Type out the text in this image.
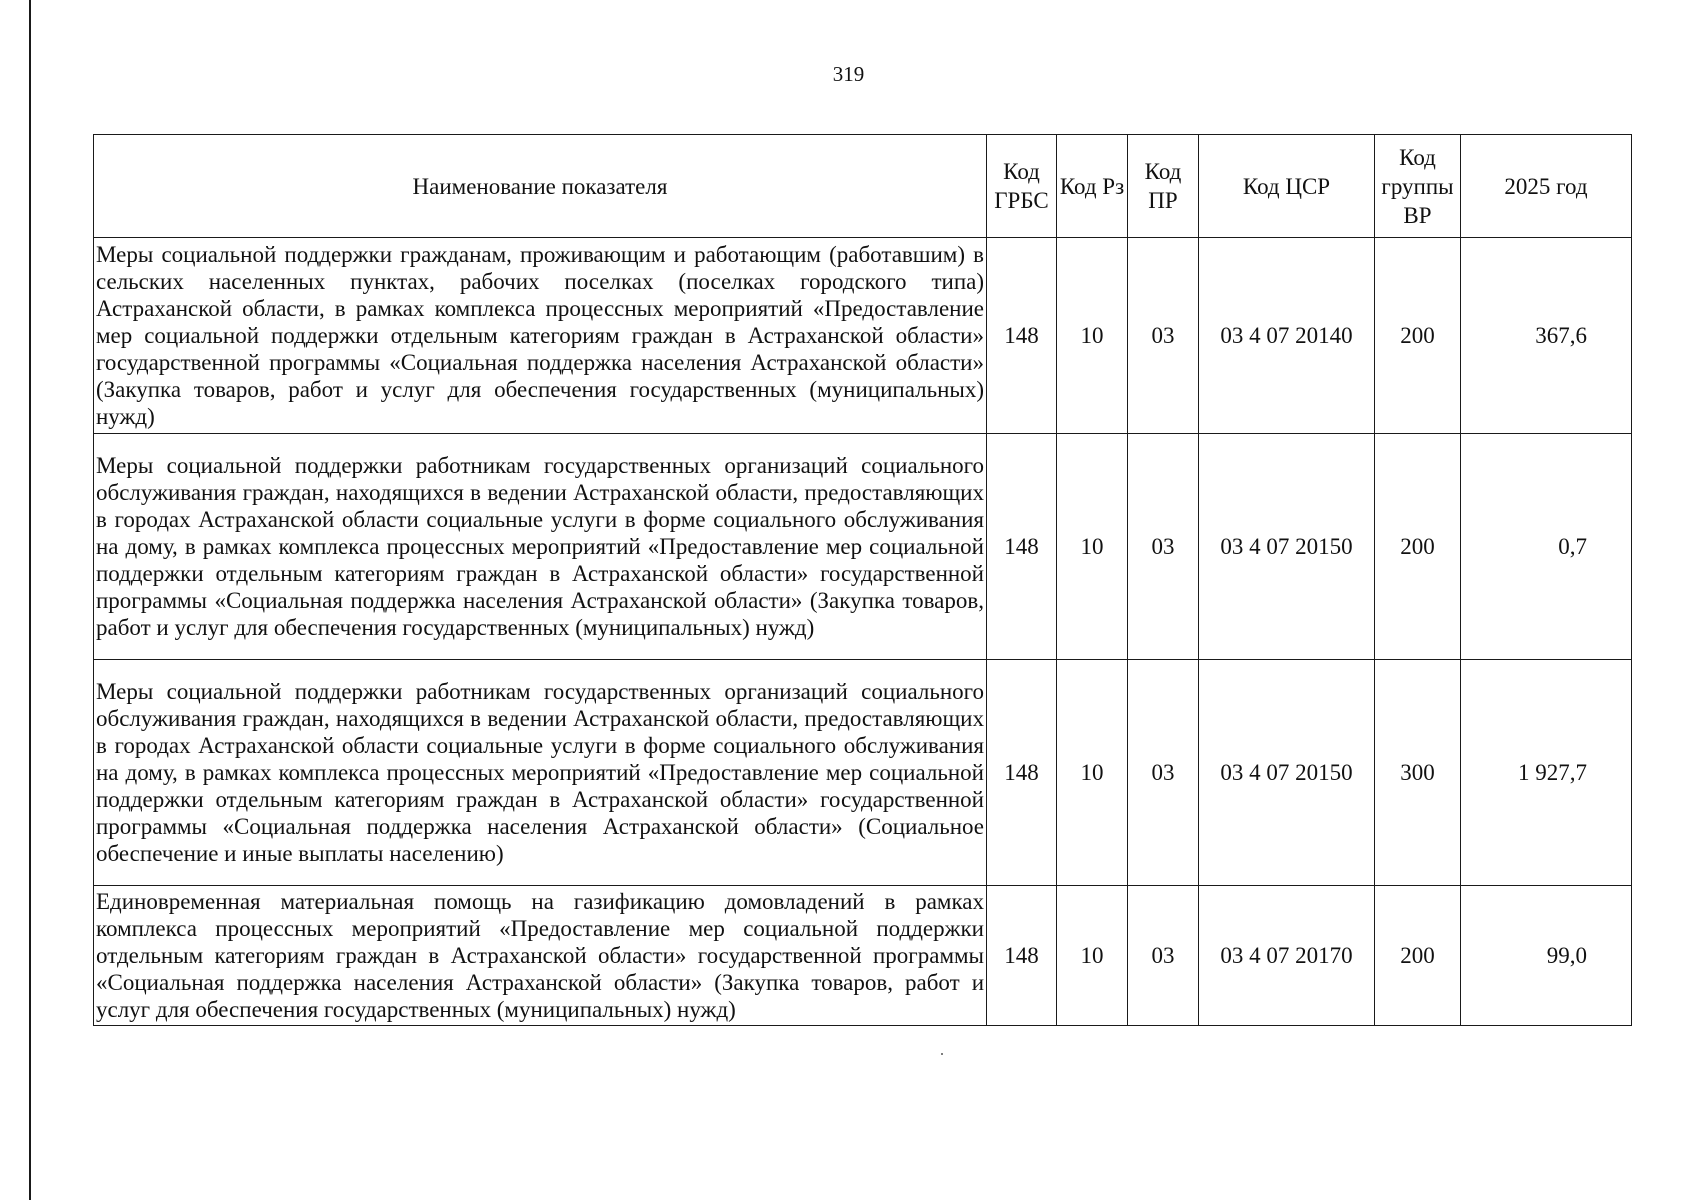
319
Наименование показателя	Код ГРБС	Код Рз	Код ПР	Код ЦСР	Код группы ВР	2025 год
Меры социальной поддержки гражданам, проживающим и работающим (работавшим) в сельских населенных пунктах, рабочих поселках (поселках городского типа) Астраханской области, в рамках комплекса процессных мероприятий «Предоставление мер социальной поддержки отдельным категориям граждан в Астраханской области» государственной программы «Социальная поддержка населения Астраханской области» (Закупка товаров, работ и услуг для обеспечения государственных (муниципальных) нужд)	148	10	03	03 4 07 20140	200	367,6
Меры социальной поддержки работникам государственных организаций социального обслуживания граждан, находящихся в ведении Астраханской области, предоставляющих в городах Астраханской области социальные услуги в форме социального обслуживания на дому, в рамках комплекса процессных мероприятий «Предоставление мер социальной поддержки отдельным категориям граждан в Астраханской области» государственной программы «Социальная поддержка населения Астраханской области» (Закупка товаров, работ и услуг для обеспечения государственных (муниципальных) нужд)	148	10	03	03 4 07 20150	200	0,7
Меры социальной поддержки работникам государственных организаций социального обслуживания граждан, находящихся в ведении Астраханской области, предоставляющих в городах Астраханской области социальные услуги в форме социального обслуживания на дому, в рамках комплекса процессных мероприятий «Предоставление мер социальной поддержки отдельным категориям граждан в Астраханской области» государственной программы «Социальная поддержка населения Астраханской области» (Социальное обеспечение и иные выплаты населению)	148	10	03	03 4 07 20150	300	1 927,7
Единовременная материальная помощь на газификацию домовладений в рамках комплекса процессных мероприятий «Предоставление мер социальной поддержки отдельным категориям граждан в Астраханской области» государственной программы «Социальная поддержка населения Астраханской области» (Закупка товаров, работ и услуг для обеспечения государственных (муниципальных) нужд)	148	10	03	03 4 07 20170	200	99,0
